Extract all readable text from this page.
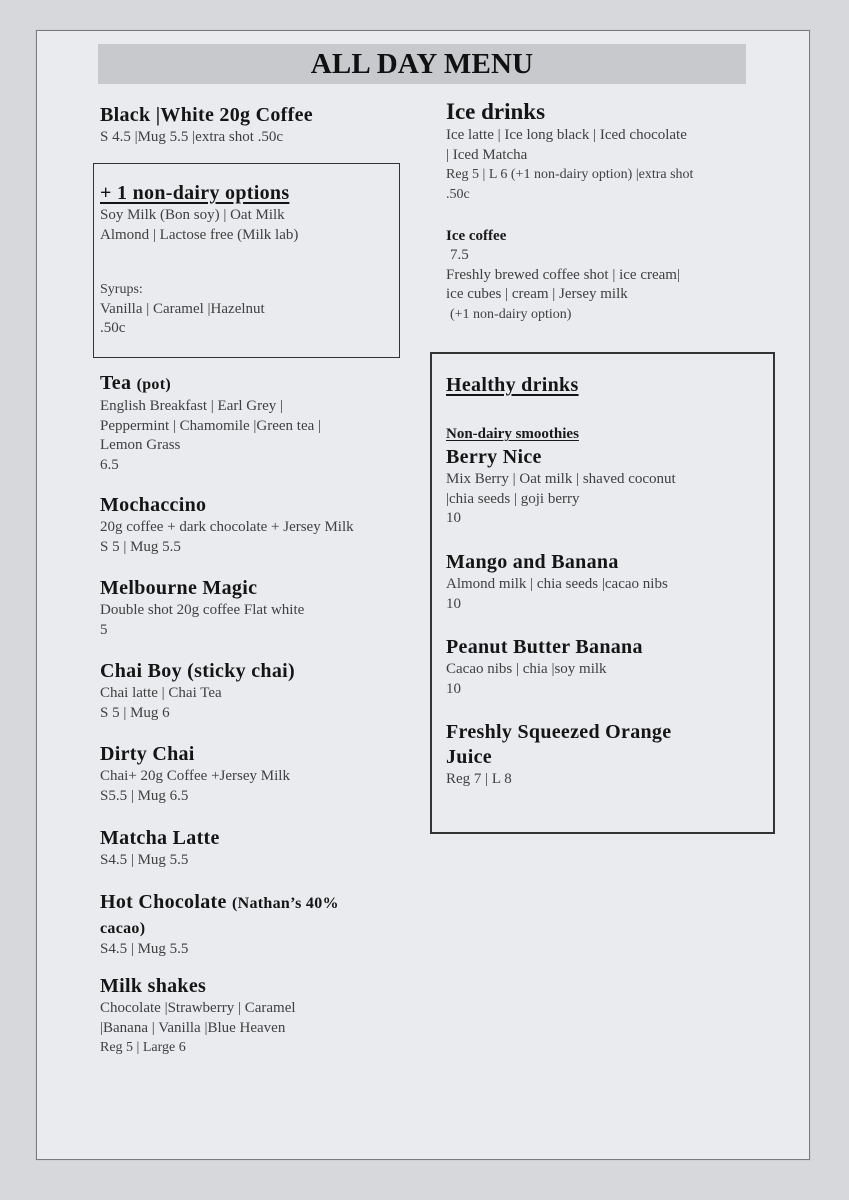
ALL DAY MENU
Black |White 20g Coffee
S 4.5 |Mug 5.5 |extra shot .50c
+ 1 non-dairy options
Soy Milk (Bon soy) | Oat Milk
Almond | Lactose free (Milk lab)
Syrups:
Vanilla | Caramel |Hazelnut
.50c
Tea (pot)
English Breakfast | Earl Grey |
Peppermint | Chamomile |Green tea |
Lemon Grass
6.5
Mochaccino
20g coffee + dark chocolate + Jersey Milk
S 5 | Mug 5.5
Melbourne Magic
Double shot 20g coffee Flat white
5
Chai Boy (sticky chai)
Chai latte | Chai Tea
S 5 | Mug 6
Dirty Chai
Chai+ 20g Coffee +Jersey Milk
S5.5 | Mug 6.5
Matcha Latte
S4.5 | Mug 5.5
Hot Chocolate (Nathan’s 40%
cacao)
S4.5 | Mug 5.5
Milk shakes
Chocolate |Strawberry | Caramel
|Banana | Vanilla |Blue Heaven
Reg 5 | Large 6
Ice drinks
Ice latte | Ice long black | Iced chocolate
| Iced Matcha
Reg 5 | L 6 (+1 non-dairy option) |extra shot
.50c
Ice coffee
7.5
Freshly brewed coffee shot | ice cream|
ice cubes | cream | Jersey milk
(+1 non-dairy option)
Healthy drinks
Non-dairy smoothies
Berry Nice
Mix Berry | Oat milk | shaved coconut
|chia seeds | goji berry
10
Mango and Banana
Almond milk | chia seeds |cacao nibs
10
Peanut Butter Banana
Cacao nibs | chia |soy milk
10
Freshly Squeezed Orange
Juice
Reg 7 | L 8
